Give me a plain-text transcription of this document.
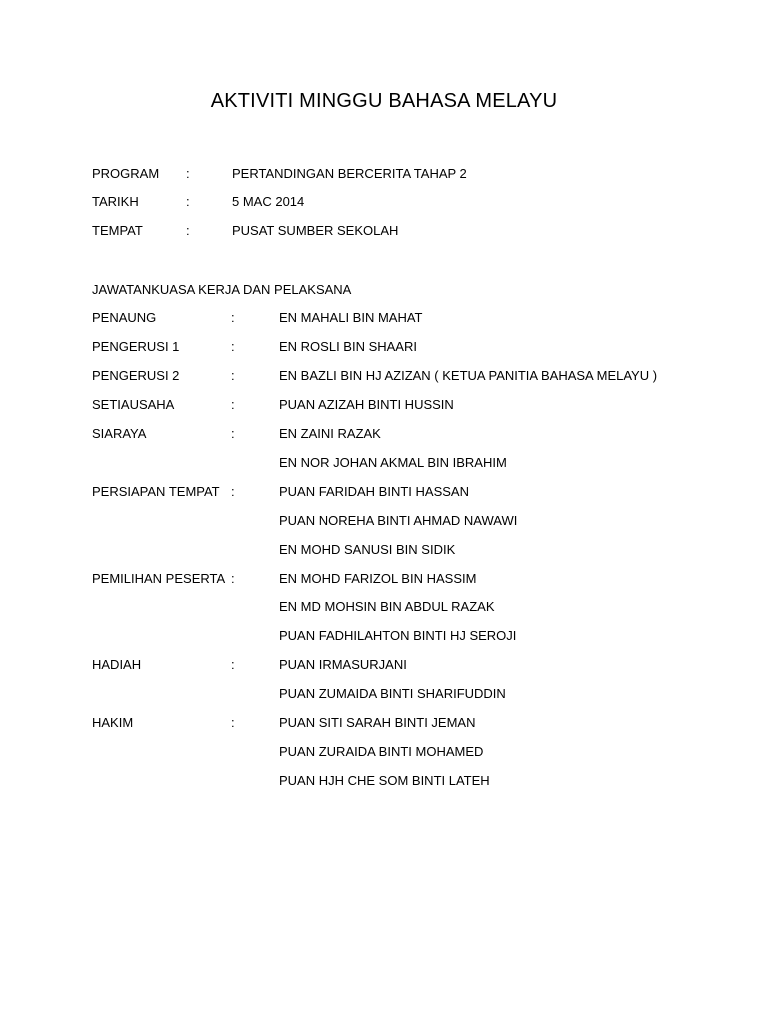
AKTIVITI MINGGU BAHASA MELAYU
PROGRAM :	PERTANDINGAN BERCERITA TAHAP 2
TARIKH	:	5 MAC 2014
TEMPAT	:	PUSAT SUMBER SEKOLAH
JAWATANKUASA KERJA DAN PELAKSANA
PENAUNG	:	EN MAHALI BIN MAHAT
PENGERUSI 1	:	EN ROSLI BIN SHAARI
PENGERUSI 2	:	EN BAZLI BIN HJ AZIZAN ( KETUA PANITIA BAHASA MELAYU )
SETIAUSAHA	:	PUAN AZIZAH BINTI HUSSIN
SIARAYA	:	EN ZAINI RAZAK
EN NOR JOHAN AKMAL BIN IBRAHIM
PERSIAPAN TEMPAT :	PUAN FARIDAH BINTI HASSAN
PUAN NOREHA BINTI AHMAD NAWAWI
EN MOHD SANUSI BIN SIDIK
PEMILIHAN PESERTA :	EN MOHD FARIZOL BIN HASSIM
EN MD MOHSIN BIN ABDUL RAZAK
PUAN FADHILAHTON BINTI HJ SEROJI
HADIAH	:	PUAN IRMASURJANI
PUAN ZUMAIDA BINTI SHARIFUDDIN
HAKIM	:	PUAN SITI SARAH BINTI JEMAN
PUAN ZURAIDA BINTI MOHAMED
PUAN HJH CHE SOM BINTI LATEH
